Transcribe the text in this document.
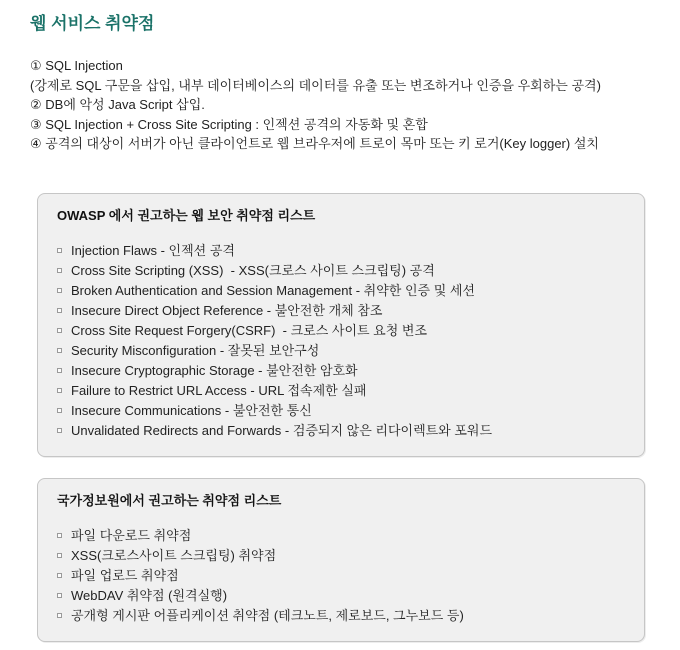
웹 서비스 취약점
① SQL Injection
(강제로 SQL 구문을 삽입, 내부 데이터베이스의 데이터를 유출 또는 변조하거나 인증을 우회하는 공격)
② DB에 악성 Java Script 삽입.
③ SQL Injection + Cross Site Scripting : 인젝션 공격의 자동화 및 혼합
④ 공격의 대상이 서버가 아닌 클라이언트로 웹 브라우저에 트로이 목마 또는 키 로거(Key logger) 설치
OWASP 에서 권고하는 웹 보안 취약점 리스트
Injection Flaws - 인젝션 공격
Cross Site Scripting (XSS)  - XSS(크로스 사이트 스크립팅) 공격
Broken Authentication and Session Management - 취약한 인증 및 세션
Insecure Direct Object Reference - 불안전한 개체 참조
Cross Site Request Forgery(CSRF)  - 크로스 사이트 요청 변조
Security Misconfiguration - 잘못된 보안구성
Insecure Cryptographic Storage - 불안전한 암호화
Failure to Restrict URL Access - URL 접속제한 실패
Insecure Communications - 불안전한 통신
Unvalidated Redirects and Forwards - 검증되지 않은 리다이렉트와 포워드
국가정보원에서 권고하는 취약점 리스트
파일 다운로드 취약점
XSS(크로스사이트 스크립팅) 취약점
파일 업로드 취약점
WebDAV 취약점 (원격실행)
공개형 게시판 어플리케이션 취약점 (테크노트, 제로보드, 그누보드 등)
